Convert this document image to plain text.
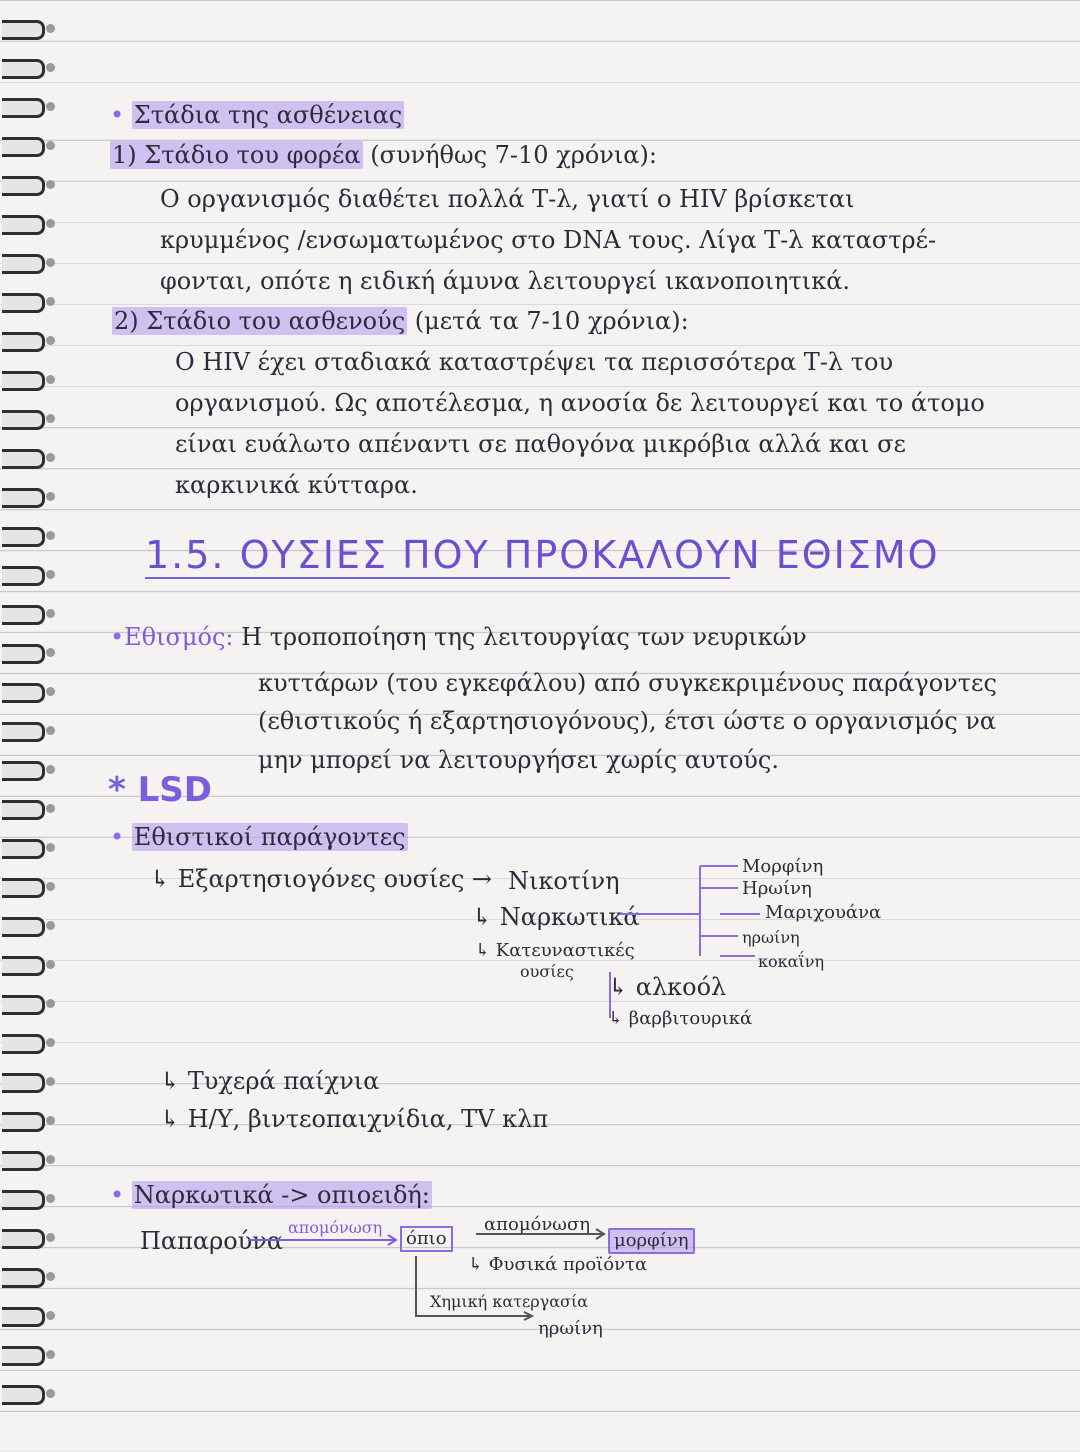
• Στάδια της ασθένειας
1) Στάδιο του φορέα (συνήθως 7-10 χρόνια):
Ο οργανισμός διαθέτει πολλά Τ-λ, γιατί ο HIV βρίσκεται
κρυμμένος /ενσωματωμένος στο DNA τους. Λίγα Τ-λ καταστρέ-
φονται, οπότε η ειδική άμυνα λειτουργεί ικανοποιητικά.
2) Στάδιο του ασθενούς (μετά τα 7-10 χρόνια):
Ο HIV έχει σταδιακά καταστρέψει τα περισσότερα Τ-λ του
οργανισμού. Ως αποτέλεσμα, η ανοσία δε λειτουργεί και το άτομο
είναι ευάλωτο απέναντι σε παθογόνα μικρόβια αλλά και σε
καρκινικά κύτταρα.
1.5. ΟΥΣΙΕΣ ΠΟΥ ΠΡΟΚΑΛΟΥΝ ΕΘΙΣΜΟ
•Εθισμός: Η τροποποίηση της λειτουργίας των νευρικών
κυττάρων (του εγκεφάλου) από συγκεκριμένους παράγοντες
(εθιστικούς ή εξαρτησιογόνους), έτσι ώστε ο οργανισμός να
μην μπορεί να λειτουργήσει χωρίς αυτούς.
* LSD
• Εθιστικοί παράγοντες
↳ Εξαρτησιογόνες ουσίες → Νικοτίνη
↳ Ναρκωτικά
↳ Κατευναστικές
ουσίες
Μορφίνη
Ηρωίνη
Μαριχουάνα
ηρωίνη
κοκαΐνη
↳ αλκοόλ
↳ βαρβιτουρικά
↳ Τυχερά παίχνια
↳ Η/Υ, βιντεοπαιχνίδια, TV κλπ
• Ναρκωτικά -> οπιοειδή:
Παπαρούνα απομόνωση
όπιο
απομόνωση
μορφίνη
↳ Φυσικά προϊόντα
Χημική κατεργασία
ηρωίνη
